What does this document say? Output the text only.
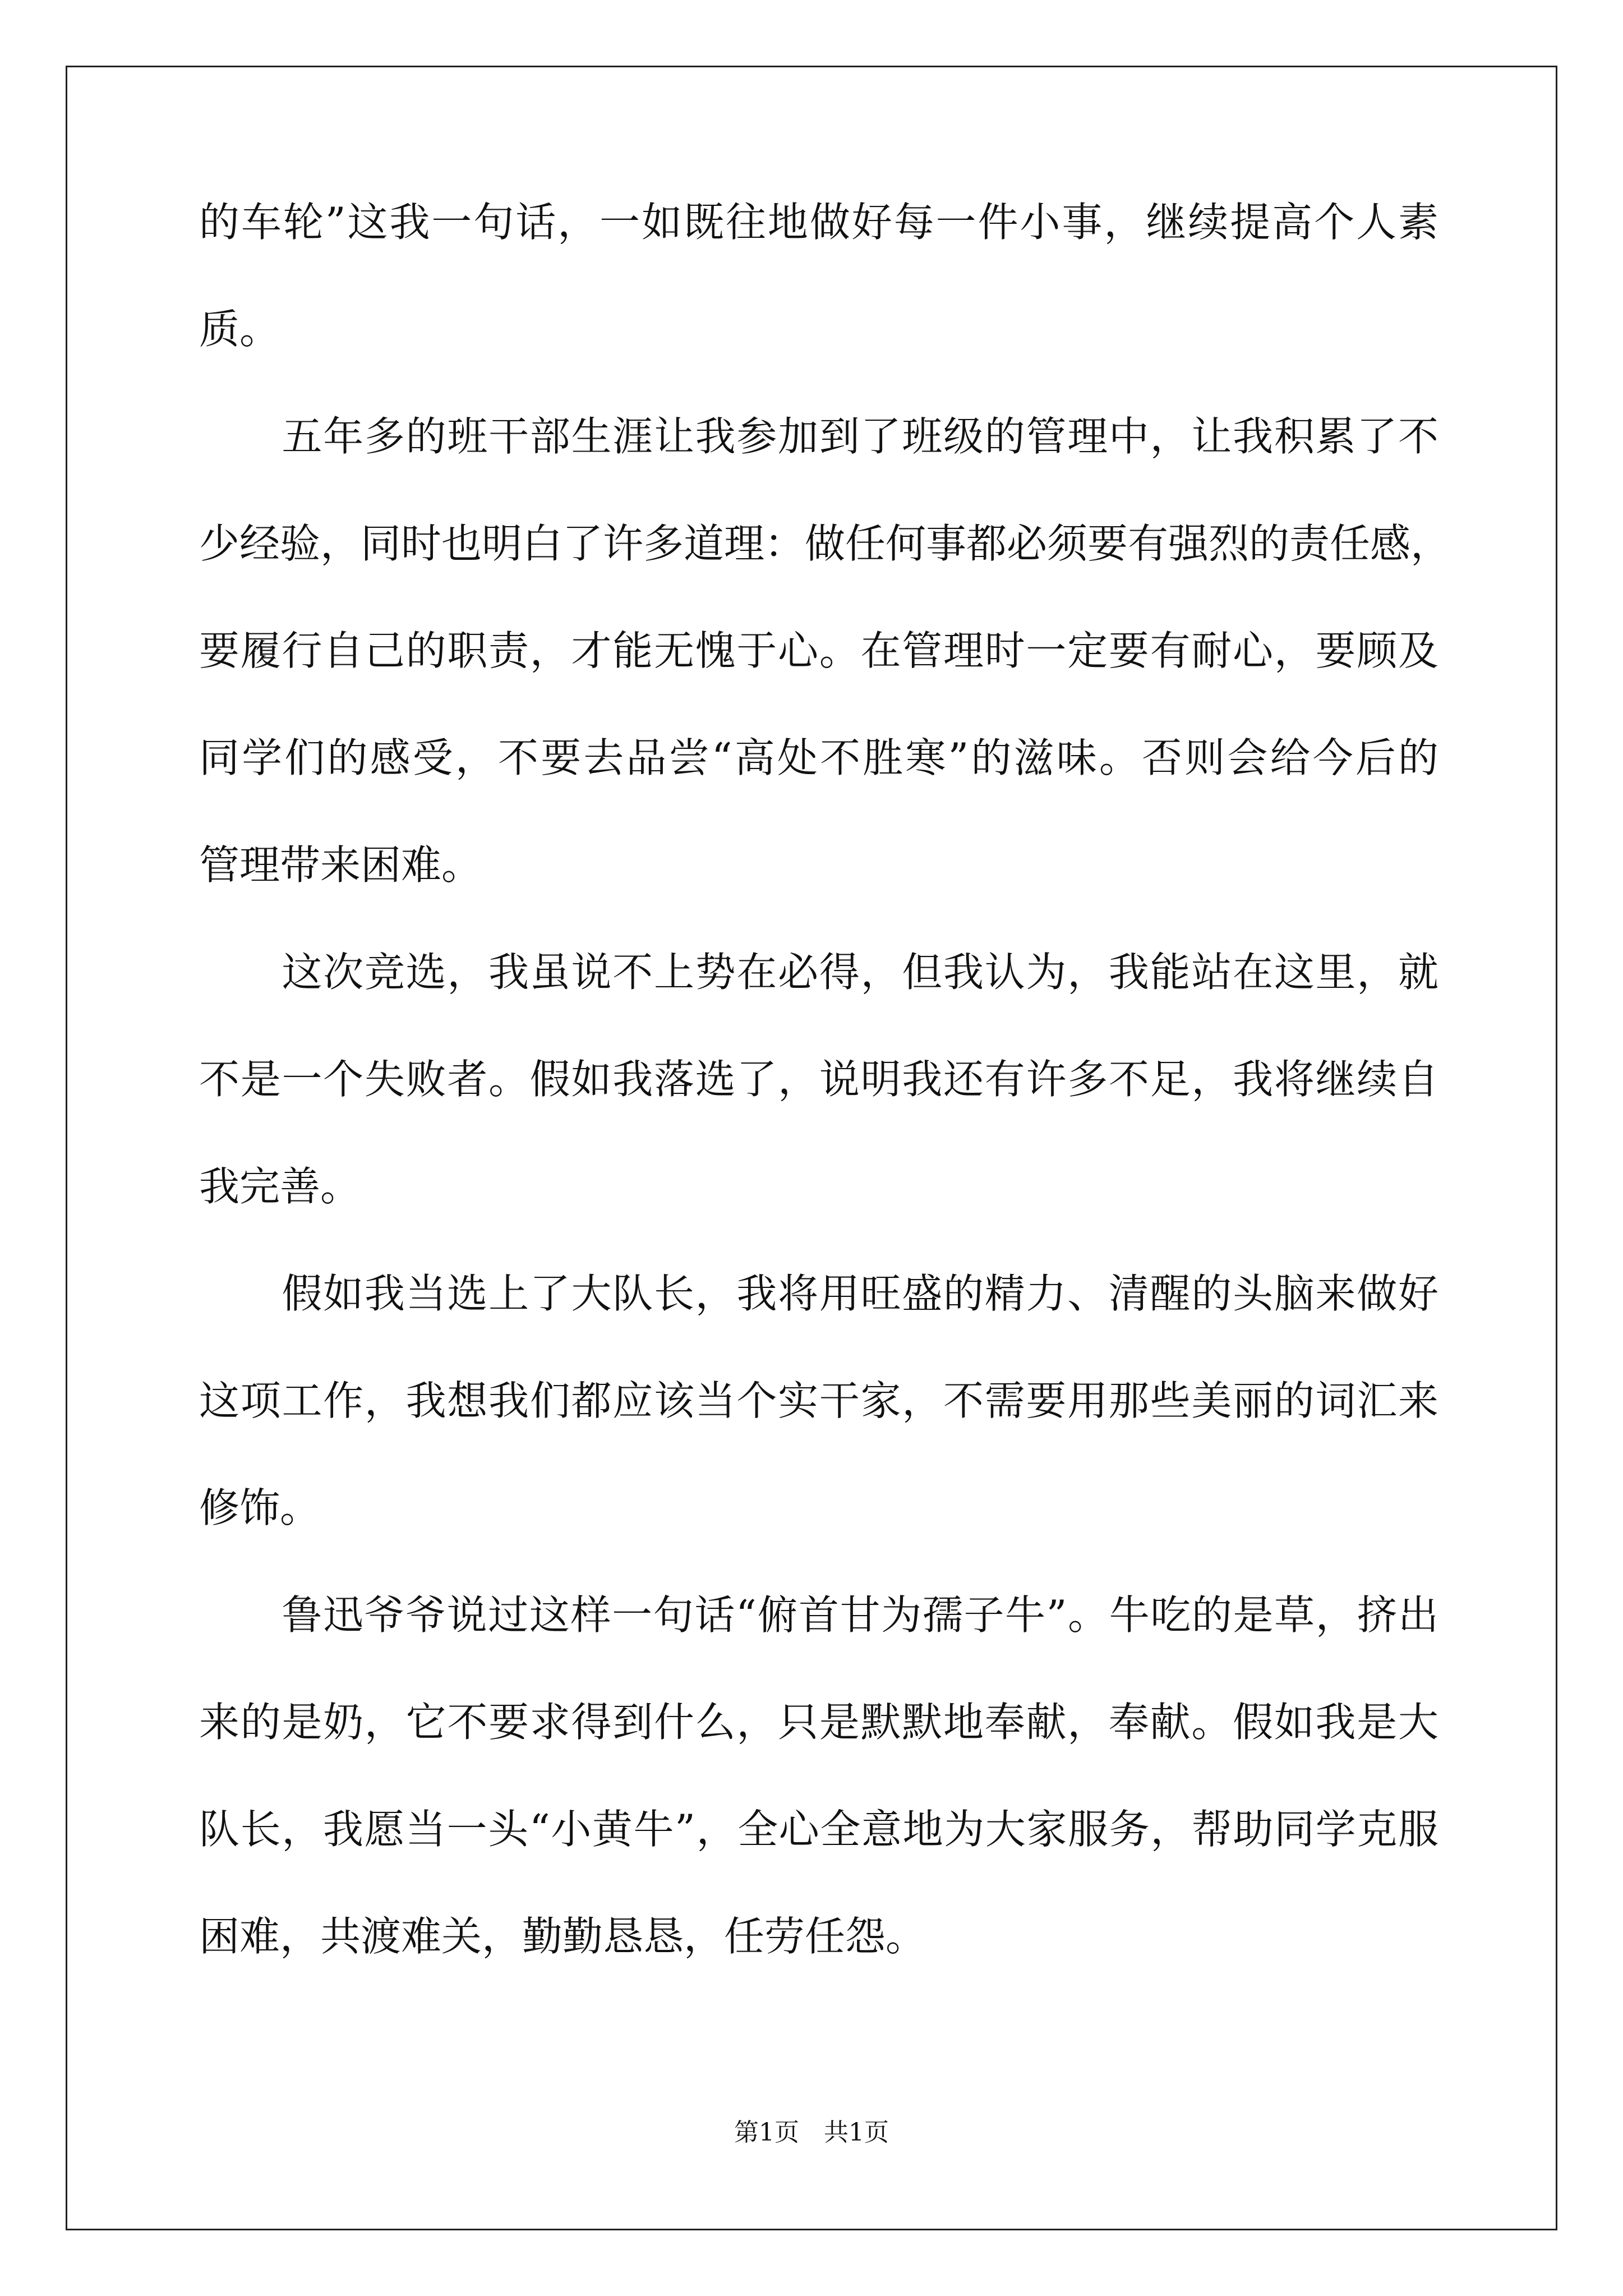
的车轮”这我一句话，一如既往地做好每一件小事，继续提高个人素
质。
　　五年多的班干部生涯让我参加到了班级的管理中，让我积累了不
少经验，同时也明白了许多道理：做任何事都必须要有强烈的责任感，
要履行自己的职责，才能无愧于心。在管理时一定要有耐心，要顾及
同学们的感受，不要去品尝“高处不胜寒”的滋味。否则会给今后的
管理带来困难。
　　这次竞选，我虽说不上势在必得，但我认为，我能站在这里，就
不是一个失败者。假如我落选了，说明我还有许多不足，我将继续自
我完善。
　　假如我当选上了大队长，我将用旺盛的精力、清醒的头脑来做好
这项工作，我想我们都应该当个实干家，不需要用那些美丽的词汇来
修饰。
　　鲁迅爷爷说过这样一句话“俯首甘为孺子牛”。牛吃的是草，挤出
来的是奶，它不要求得到什么，只是默默地奉献，奉献。假如我是大
队长，我愿当一头“小黄牛”，全心全意地为大家服务，帮助同学克服
困难，共渡难关，勤勤恳恳，任劳任怨。
第1页　共1页
